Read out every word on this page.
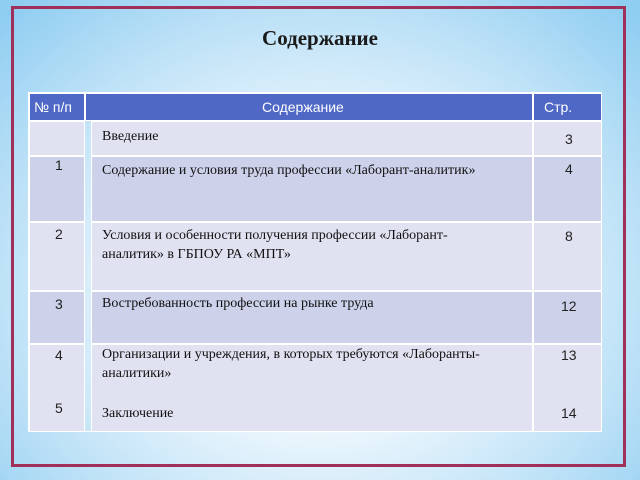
Содержание
№ п/п	Содержание	Стр.
1
2
3
4
5
Введение
Содержание и условия труда профессии «Лаборант-аналитик»
Условия и особенности получения профессии «Лаборант-аналитик» в ГБПОУ РА «МПТ»
Востребованность профессии на рынке труда
Организации и учреждения, в которых требуются «Лаборанты-аналитики»
Заключение
3
4
8
12
13
14
